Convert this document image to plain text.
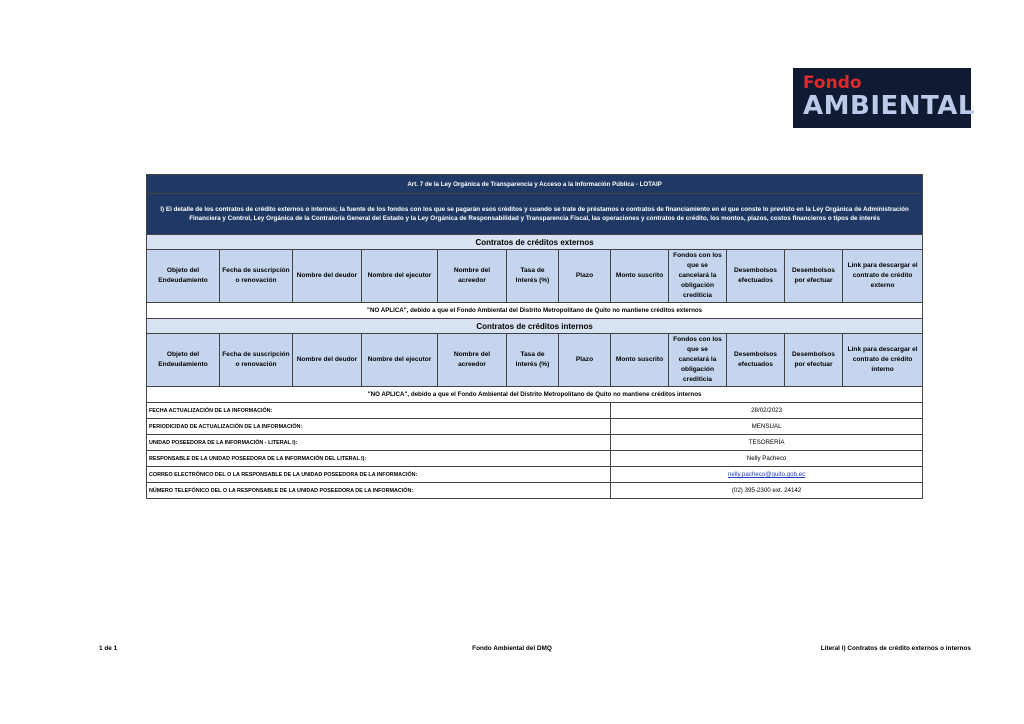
Fondo
AMBIENTAL
Art. 7 de la Ley Orgánica de Transparencia y Acceso a la Información Pública - LOTAIP											
l) El detalle de los contratos de crédito externos o internos; la fuente de los fondos con los que se pagarán esos créditos y cuando se trate de préstamos o contratos de financiamiento en el que conste lo previsto en la Ley Orgánica de Administración Financiera y Control, Ley Orgánica de la Contraloría General del Estado y la Ley Orgánica de Responsabilidad y Transparencia Fiscal, las operaciones y contratos de crédito, los montos, plazos, costos financieros o tipos de interés											
Contratos de créditos externos											
Objeto del Endeudamiento	Fecha de suscripción o renovación	Nombre del deudor	Nombre del ejecutor	Nombre del acreedor	Tasa de Interés (%)	Plazo	Monto suscrito	Fondos con los que se cancelará la obligación crediticia	Desembolsos efectuados	Desembolsos por efectuar	Link para descargar el contrato de crédito externo
"NO APLICA", debido a que el Fondo Ambiental del Distrito Metropolitano de Quito no mantiene créditos externos											
Contratos de créditos internos											
Objeto del Endeudamiento	Fecha de suscripción o renovación	Nombre del deudor	Nombre del ejecutor	Nombre del acreedor	Tasa de Interés (%)	Plazo	Monto suscrito	Fondos con los que se cancelará la obligación crediticia	Desembolsos efectuados	Desembolsos por efectuar	Link para descargar el contrato de crédito interno
"NO APLICA", debido a que el Fondo Ambiental del Distrito Metropolitano de Quito no mantiene créditos internos											
FECHA ACTUALIZACIÓN DE LA INFORMACIÓN:							28/02/2023				
PERIODICIDAD DE ACTUALIZACIÓN DE LA INFORMACIÓN:							MENSUAL				
UNIDAD POSEEDORA DE LA INFORMACIÓN - LITERAL l):							TESORERÍA				
RESPONSABLE DE LA UNIDAD POSEEDORA DE LA INFORMACIÓN DEL LITERAL l):							Nelly Pacheco				
CORREO ELECTRÓNICO DEL O LA RESPONSABLE DE LA UNIDAD POSEEDORA DE LA INFORMACIÓN:							nelly.pacheco@quito.gob.ec				
NÚMERO TELEFÓNICO DEL O LA RESPONSABLE DE LA UNIDAD POSEEDORA DE LA INFORMACIÓN:							(02) 395-2300 ext. 24142				
1 de 1	Fondo Ambiental del DMQ	Literal l) Contratos de crédito externos o internos
